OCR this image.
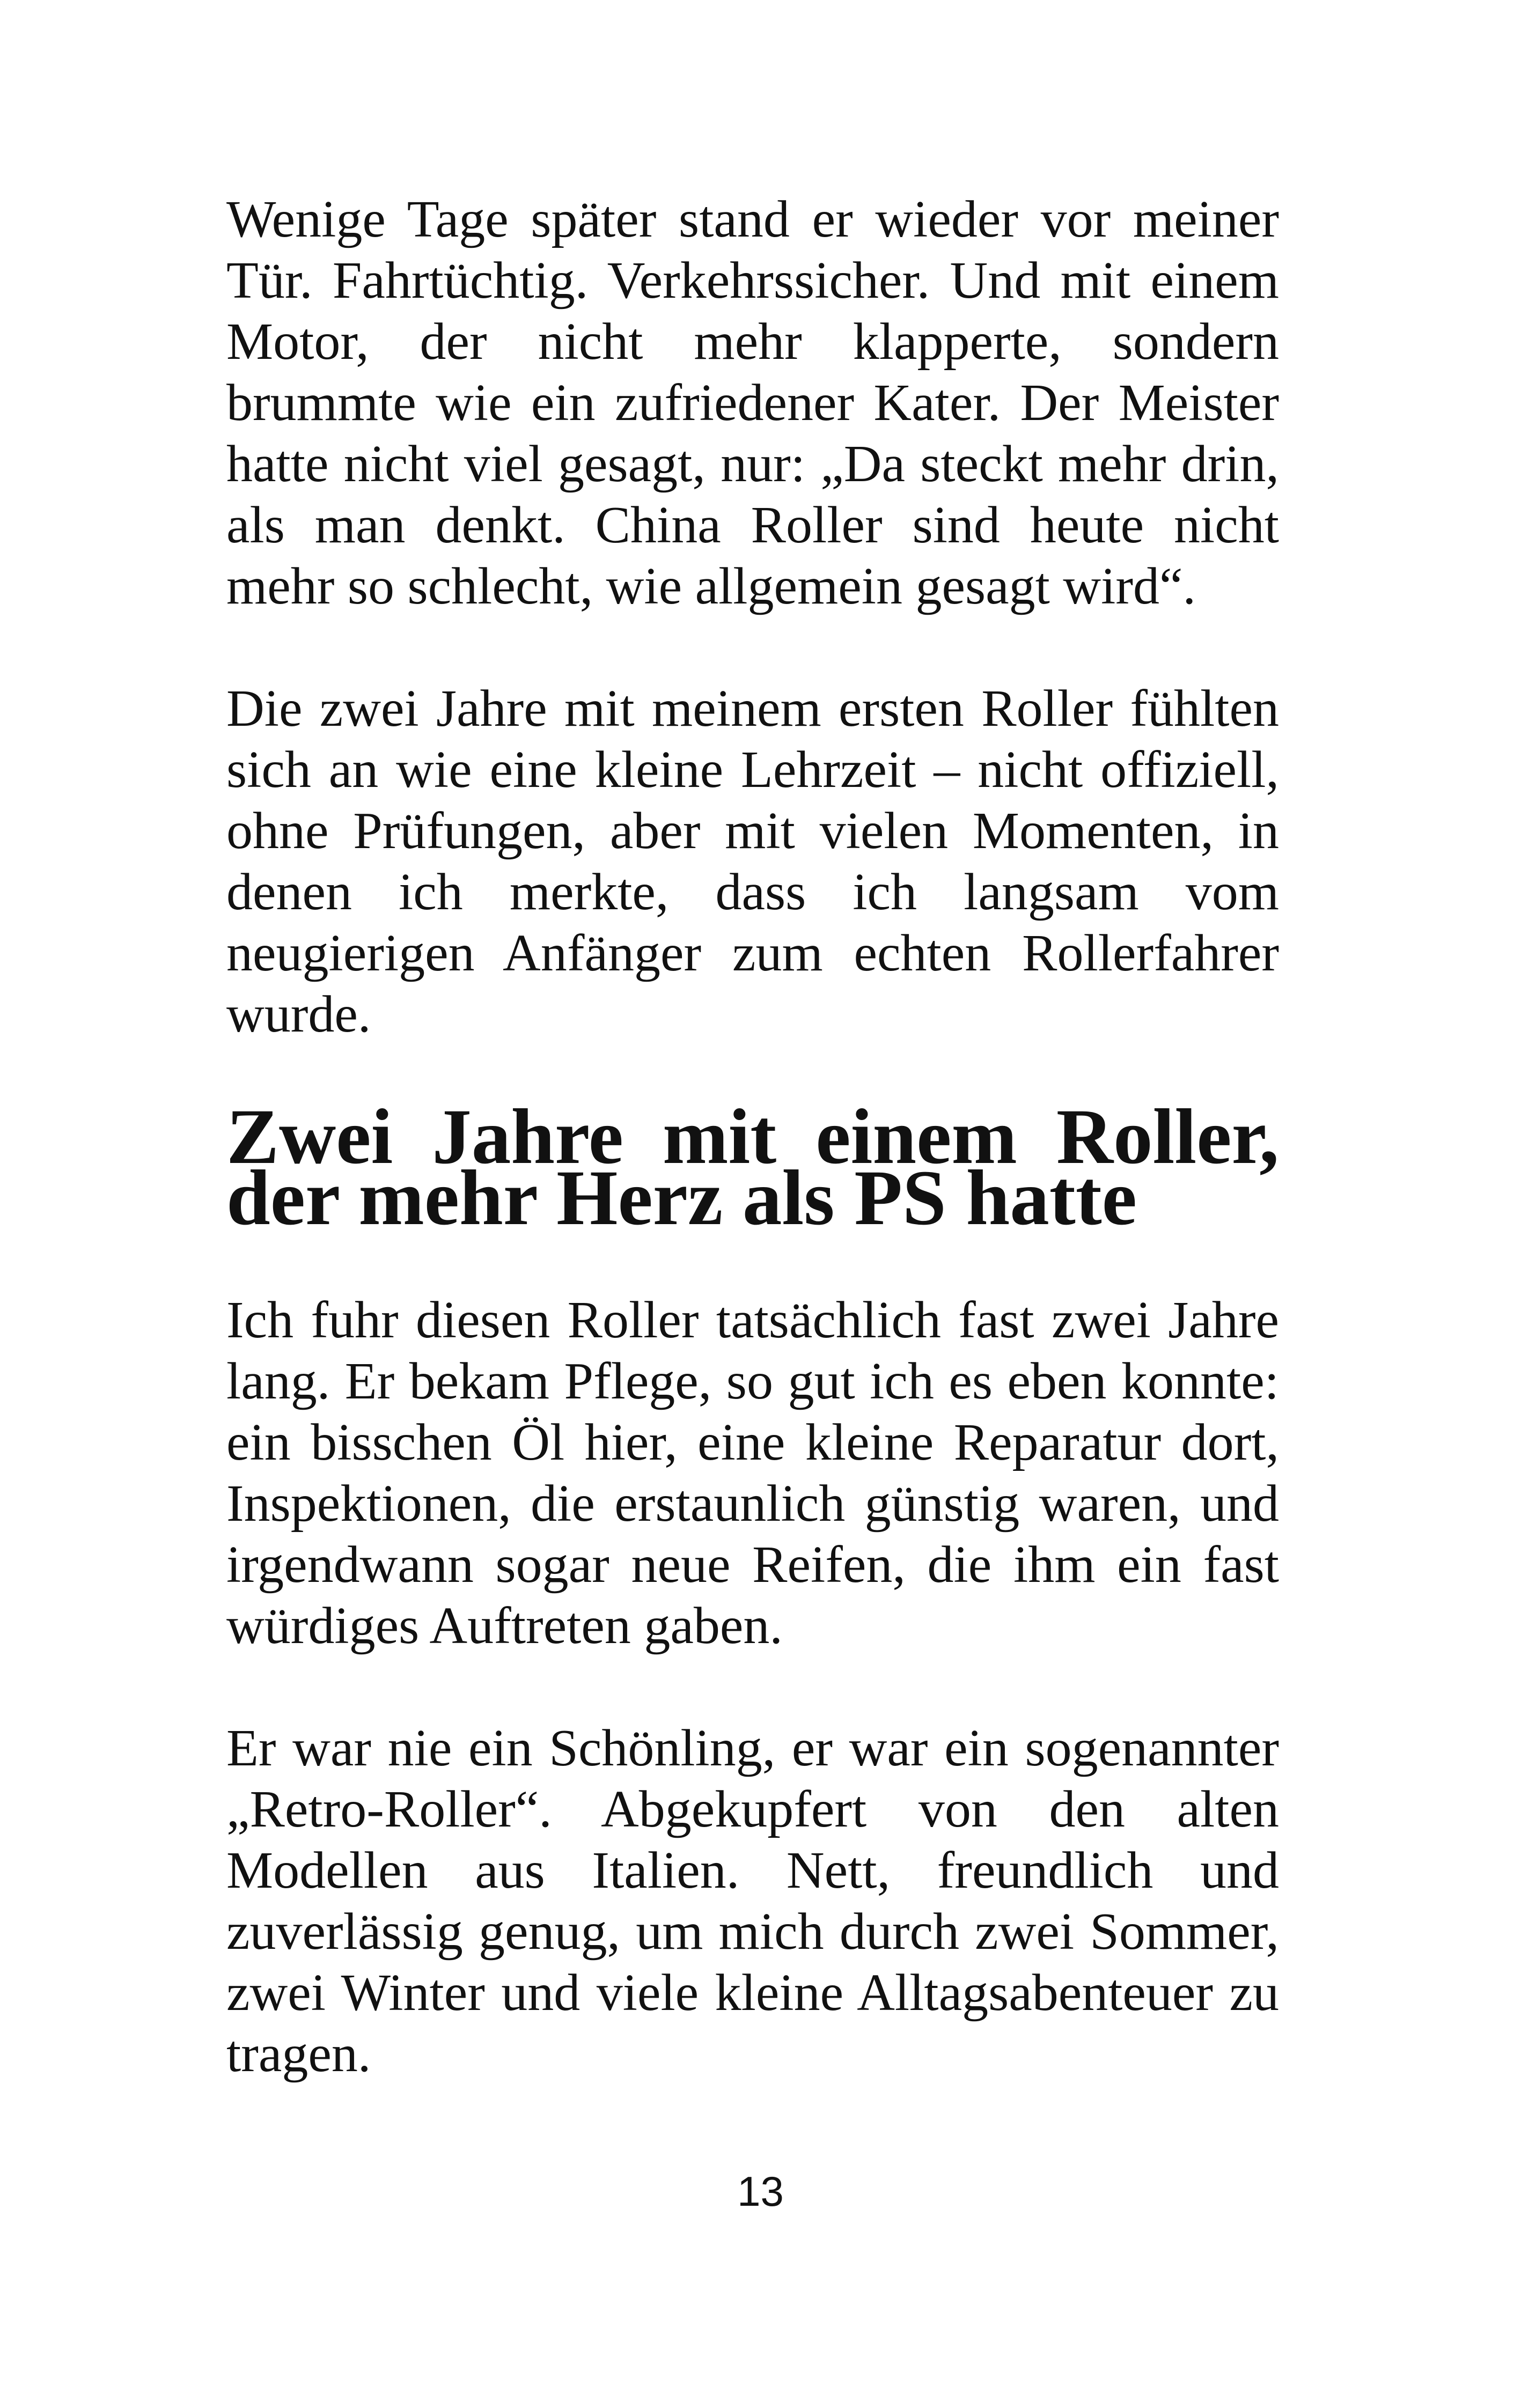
Wenige Tage später stand er wieder vor meiner Tür. Fahrtüchtig. Verkehrssicher. Und mit einem Motor, der nicht mehr klapperte, sondern brummte wie ein zufriedener Kater. Der Meister hatte nicht viel gesagt, nur: „Da steckt mehr drin, als man denkt. China Roller sind heute nicht mehr so schlecht, wie allgemein gesagt wird“.

Die zwei Jahre mit meinem ersten Roller fühlten sich an wie eine kleine Lehrzeit – nicht offiziell, ohne Prüfungen, aber mit vielen Momenten, in denen ich merkte, dass ich langsam vom neugierigen Anfänger zum echten Rollerfahrer wurde.

Zwei Jahre mit einem Roller, der mehr Herz als PS hatte

Ich fuhr diesen Roller tatsächlich fast zwei Jahre lang. Er bekam Pflege, so gut ich es eben konnte: ein bisschen Öl hier, eine kleine Reparatur dort, Inspektionen, die erstaunlich günstig waren, und irgendwann sogar neue Reifen, die ihm ein fast würdiges Auftreten gaben.

Er war nie ein Schönling, er war ein sogenannter „Retro-Roller“. Abgekupfert von den alten Modellen aus Italien. Nett, freundlich und zuverlässig genug, um mich durch zwei Sommer, zwei Winter und viele kleine Alltagsabenteuer zu tragen.

13
